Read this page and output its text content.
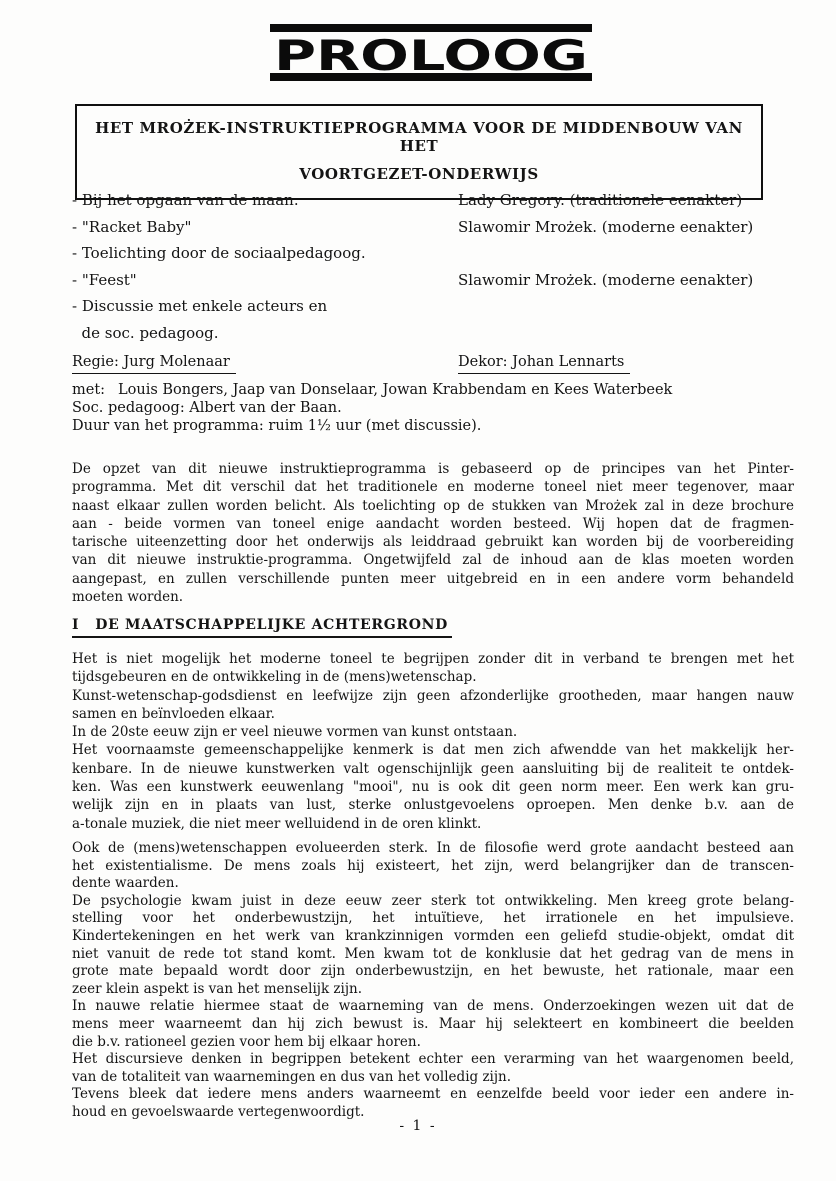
PROLOOG
HET MROŻEK-INSTRUKTIEPROGRAMMA VOOR DE MIDDENBOUW VAN HET
VOORTGEZET-ONDERWIJS
- Bij het opgaan van de maan.	Lady Gregory. (traditionele eenakter)
- "Racket Baby"	Slawomir Mrożek. (moderne eenakter)
- Toelichting door de sociaalpedagoog.
- "Feest"	Slawomir Mrożek. (moderne eenakter)
- Discussie met enkele acteurs en
de soc. pedagoog.
Regie: Jurg Molenaar	Dekor: Johan Lennarts
met: Louis Bongers, Jaap van Donselaar, Jowan Krabbendam en Kees Waterbeek
Soc. pedagoog: Albert van der Baan.
Duur van het programma: ruim 1½ uur (met discussie).
De opzet van dit nieuwe instruktieprogramma is gebaseerd op de principes van het Pinter-
programma. Met dit verschil dat het traditionele en moderne toneel niet meer tegenover, maar
naast elkaar zullen worden belicht. Als toelichting op de stukken van Mrożek zal in deze brochure
aan - beide vormen van toneel enige aandacht worden besteed. Wij hopen dat de fragmen-
tarische uiteenzetting door het onderwijs als leiddraad gebruikt kan worden bij de voorbereiding
van dit nieuwe instruktie-programma. Ongetwijfeld zal de inhoud aan de klas moeten worden
aangepast, en zullen verschillende punten meer uitgebreid en in een andere vorm behandeld
moeten worden.
I DE MAATSCHAPPELIJKE ACHTERGROND
Het is niet mogelijk het moderne toneel te begrijpen zonder dit in verband te brengen met het
tijdsgebeuren en de ontwikkeling in de (mens)wetenschap.
Kunst-wetenschap-godsdienst en leefwijze zijn geen afzonderlijke grootheden, maar hangen nauw
samen en beïnvloeden elkaar.
In de 20ste eeuw zijn er veel nieuwe vormen van kunst ontstaan.
Het voornaamste gemeenschappelijke kenmerk is dat men zich afwendde van het makkelijk her-
kenbare. In de nieuwe kunstwerken valt ogenschijnlijk geen aansluiting bij de realiteit te ontdek-
ken. Was een kunstwerk eeuwenlang "mooi", nu is ook dit geen norm meer. Een werk kan gru-
welijk zijn en in plaats van lust, sterke onlustgevoelens oproepen. Men denke b.v. aan de
a-tonale muziek, die niet meer welluidend in de oren klinkt.
Ook de (mens)wetenschappen evolueerden sterk. In de filosofie werd grote aandacht besteed aan
het existentialisme. De mens zoals hij existeert, het zijn, werd belangrijker dan de transcen-
dente waarden.
De psychologie kwam juist in deze eeuw zeer sterk tot ontwikkeling. Men kreeg grote belang-
stelling voor het onderbewustzijn, het intuïtieve, het irrationele en het impulsieve.
Kindertekeningen en het werk van krankzinnigen vormden een geliefd studie-objekt, omdat dit
niet vanuit de rede tot stand komt. Men kwam tot de konklusie dat het gedrag van de mens in
grote mate bepaald wordt door zijn onderbewustzijn, en het bewuste, het rationale, maar een
zeer klein aspekt is van het menselijk zijn.
In nauwe relatie hiermee staat de waarneming van de mens. Onderzoekingen wezen uit dat de
mens meer waarneemt dan hij zich bewust is. Maar hij selekteert en kombineert die beelden
die b.v. rationeel gezien voor hem bij elkaar horen.
Het discursieve denken in begrippen betekent echter een verarming van het waargenomen beeld,
van de totaliteit van waarnemingen en dus van het volledig zijn.
Tevens bleek dat iedere mens anders waarneemt en eenzelfde beeld voor ieder een andere in-
houd en gevoelswaarde vertegenwoordigt.
- 1 -
